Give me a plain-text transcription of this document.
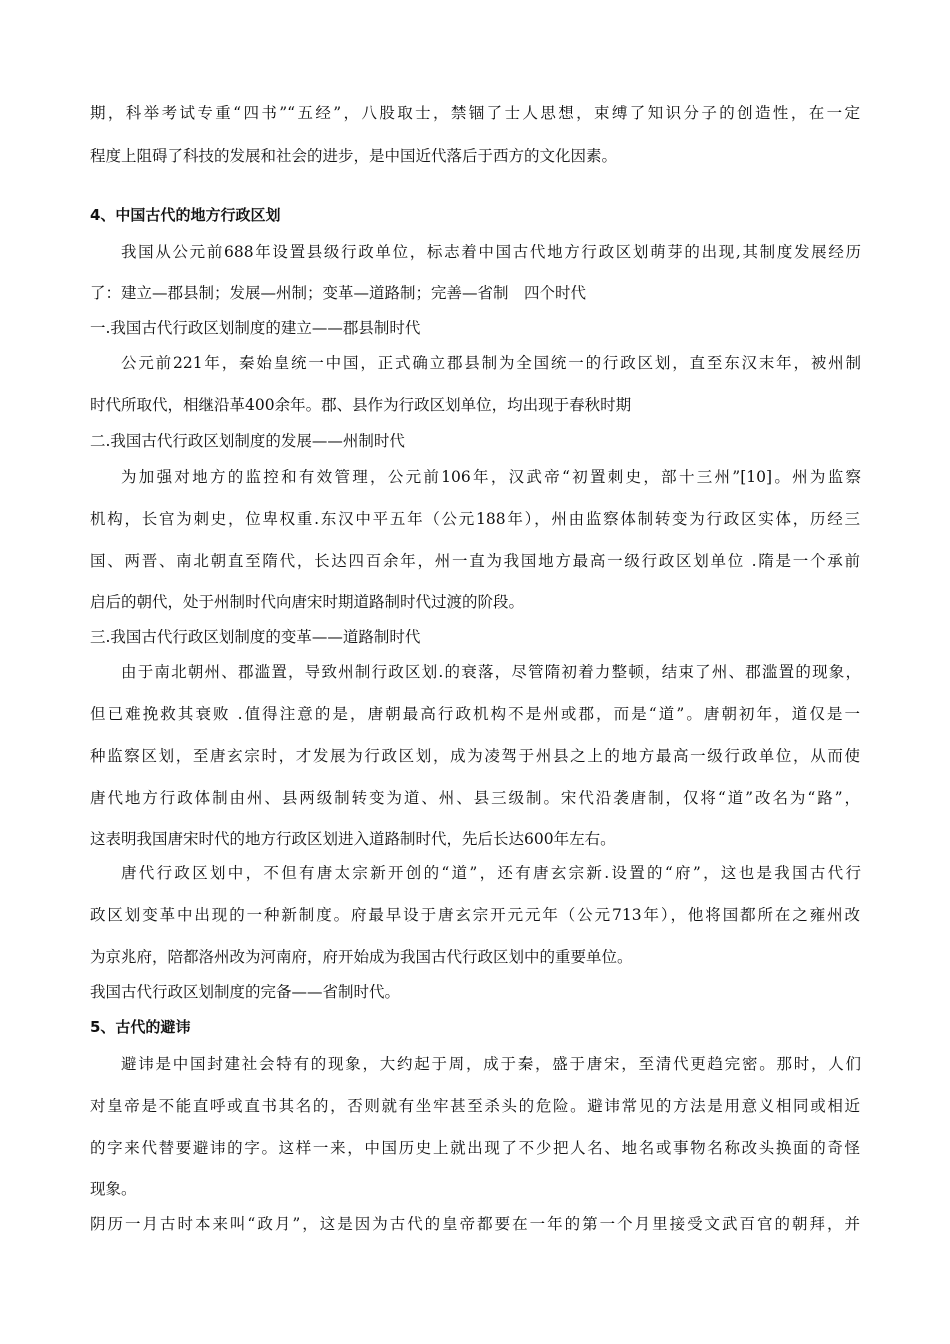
期，科举考试专重“四书”“五经”，八股取士，禁锢了士人思想，束缚了知识分子的创造性，在一定
程度上阻碍了科技的发展和社会的进步，是中国近代落后于西方的文化因素。
4、中国古代的地方行政区划
我国从公元前688年设置县级行政单位，标志着中国古代地方行政区划萌芽的出现,其制度发展经历
了：建立—郡县制；发展—州制；变革—道路制；完善—省制　四个时代
一.我国古代行政区划制度的建立——郡县制时代
公元前221年，秦始皇统一中国，正式确立郡县制为全国统一的行政区划，直至东汉末年，被州制
时代所取代，相继沿革400余年。郡、县作为行政区划单位，均出现于春秋时期
二.我国古代行政区划制度的发展——州制时代
为加强对地方的监控和有效管理，公元前106年，汉武帝“初置刺史，部十三州”[10]。州为监察
机构，长官为刺史，位卑权重.东汉中平五年（公元188年），州由监察体制转变为行政区实体，历经三
国、两晋、南北朝直至隋代，长达四百余年，州一直为我国地方最高一级行政区划单位 .隋是一个承前
启后的朝代，处于州制时代向唐宋时期道路制时代过渡的阶段。
三.我国古代行政区划制度的变革——道路制时代
由于南北朝州、郡滥置，导致州制行政区划.的衰落，尽管隋初着力整顿，结束了州、郡滥置的现象，
但已难挽救其衰败 .值得注意的是，唐朝最高行政机构不是州或郡，而是“道”。唐朝初年，道仅是一
种监察区划，至唐玄宗时，才发展为行政区划，成为凌驾于州县之上的地方最高一级行政单位，从而使
唐代地方行政体制由州、县两级制转变为道、州、县三级制。宋代沿袭唐制，仅将“道”改名为“路”，
这表明我国唐宋时代的地方行政区划进入道路制时代，先后长达600年左右。
唐代行政区划中，不但有唐太宗新开创的“道”，还有唐玄宗新.设置的“府”，这也是我国古代行
政区划变革中出现的一种新制度。府最早设于唐玄宗开元元年（公元713年），他将国都所在之雍州改
为京兆府，陪都洛州改为河南府，府开始成为我国古代行政区划中的重要单位。
我国古代行政区划制度的完备——省制时代。
5、古代的避讳
避讳是中国封建社会特有的现象，大约起于周，成于秦，盛于唐宋，至清代更趋完密。那时，人们
对皇帝是不能直呼或直书其名的，否则就有坐牢甚至杀头的危险。避讳常见的方法是用意义相同或相近
的字来代替要避讳的字。这样一来，中国历史上就出现了不少把人名、地名或事物名称改头换面的奇怪
现象。
阴历一月古时本来叫“政月”，这是因为古代的皇帝都要在一年的第一个月里接受文武百官的朝拜，并
